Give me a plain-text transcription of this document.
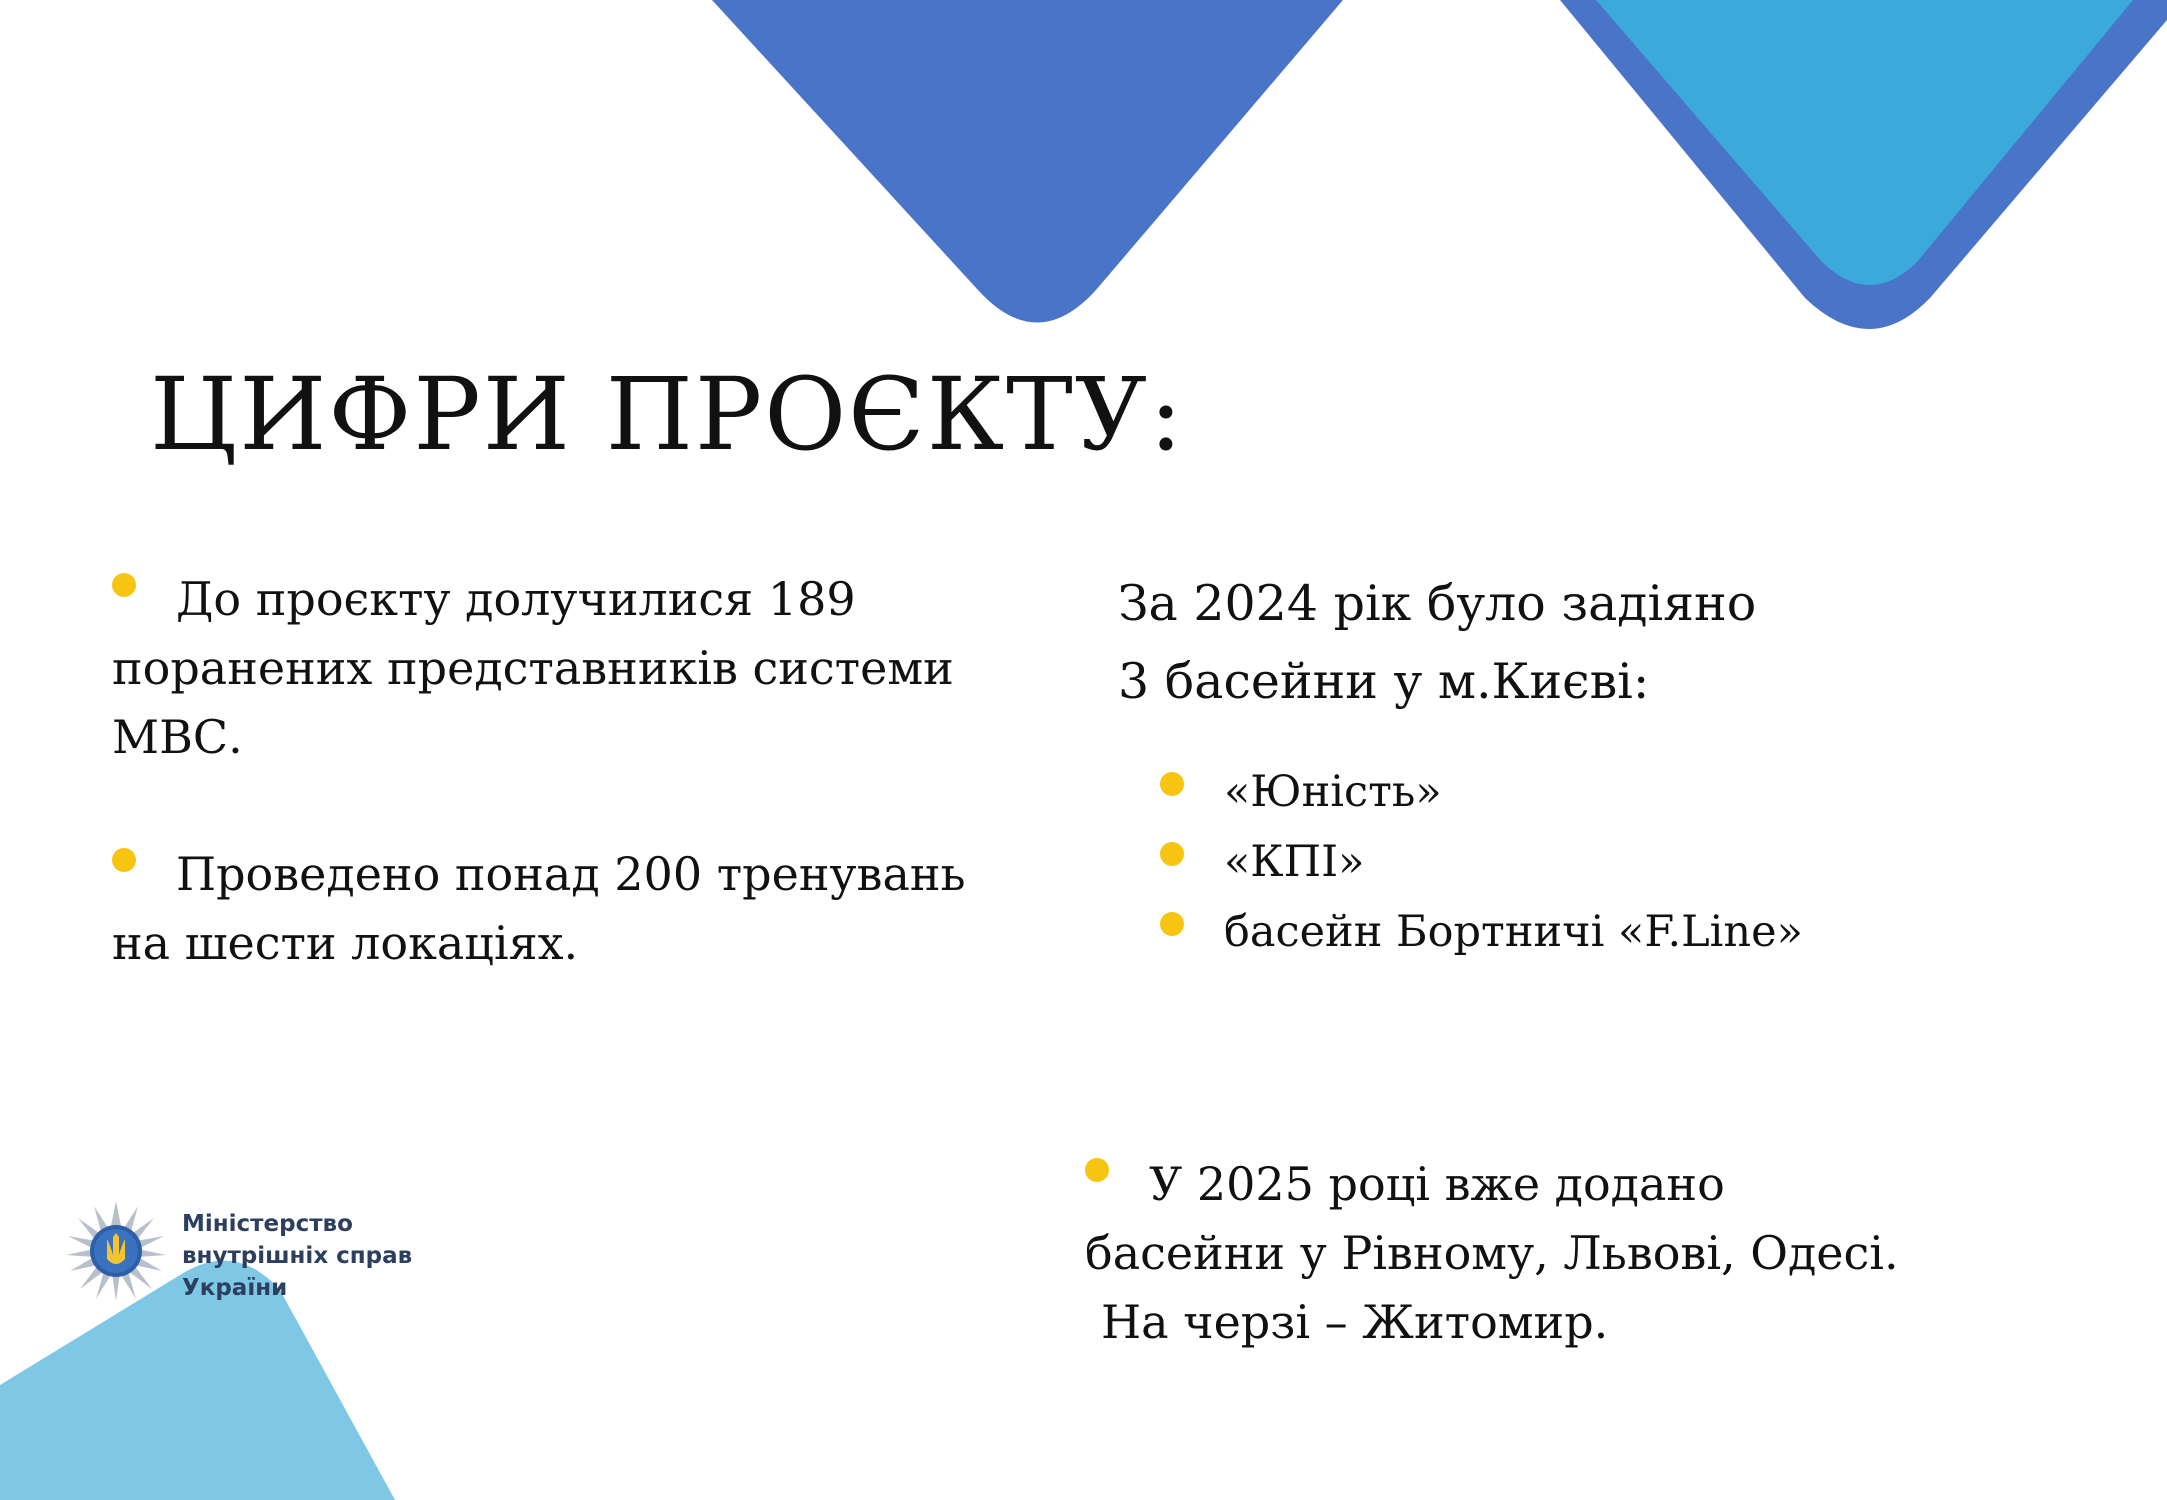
ЦИФРИ ПРОЄКТУ:
До проєкту долучилися 189
поранених представників системи
МВС.
Проведено понад 200 тренувань
на шести локаціях.
За 2024 рік було задіяно
3 басейни у м.Києві:
«Юність»
«КПІ»
басейн Бортничі «F.Line»
У 2025 році вже додано
басейни у Рівному, Львові, Одесі.
На черзі – Житомир.
Міністерство
внутрішніх справ
України
